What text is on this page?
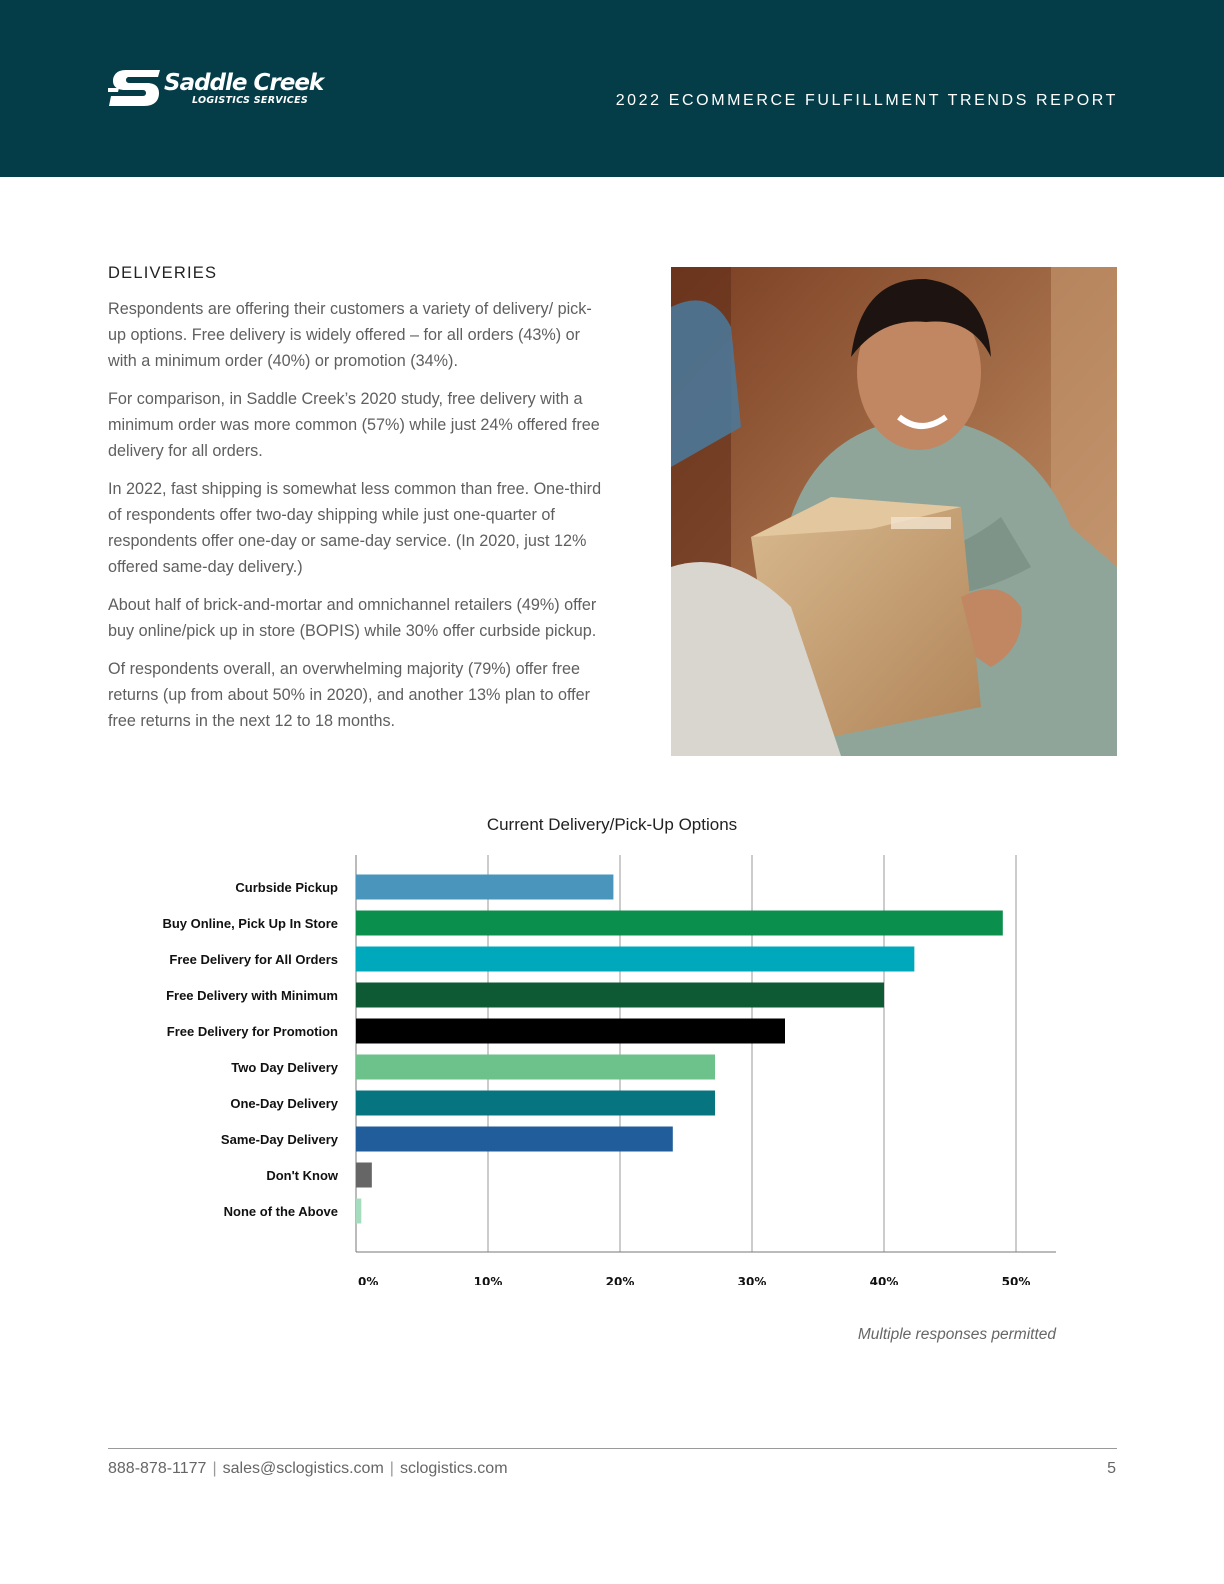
Saddle Creek
LOGISTICS SERVICES	2022 ECOMMERCE FULFILLMENT TRENDS REPORT
DELIVERIES

Respondents are offering their customers a variety of delivery/ pick-up options. Free delivery is widely offered – for all orders (43%) or with a minimum order (40%) or promotion (34%).

For comparison, in Saddle Creek’s 2020 study, free delivery with a minimum order was more common (57%) while just 24% offered free delivery for all orders.

In 2022, fast shipping is somewhat less common than free. One-third of respondents offer two-day shipping while just one-quarter of respondents offer one-day or same-day service. (In 2020, just 12% offered same-day delivery.)

About half of brick-and-mortar and omnichannel retailers (49%) offer buy online/pick up in store (BOPIS) while 30% offer curbside pickup.

Of respondents overall, an overwhelming majority (79%) offer free returns (up from about 50% in 2020), and another 13% plan to offer free returns in the next 12 to 18 months.

Current Delivery/Pick-Up Options
Curbside Pickup
Buy Online, Pick Up In Store
Free Delivery for All Orders
Free Delivery with Minimum
Free Delivery for Promotion
Two Day Delivery
One-Day Delivery
Same-Day Delivery
Don't Know
None of the Above
0%	10%	20%	30%	40%	50%
Multiple responses permitted
888-878-1177 | sales@sclogistics.com | sclogistics.com	5
